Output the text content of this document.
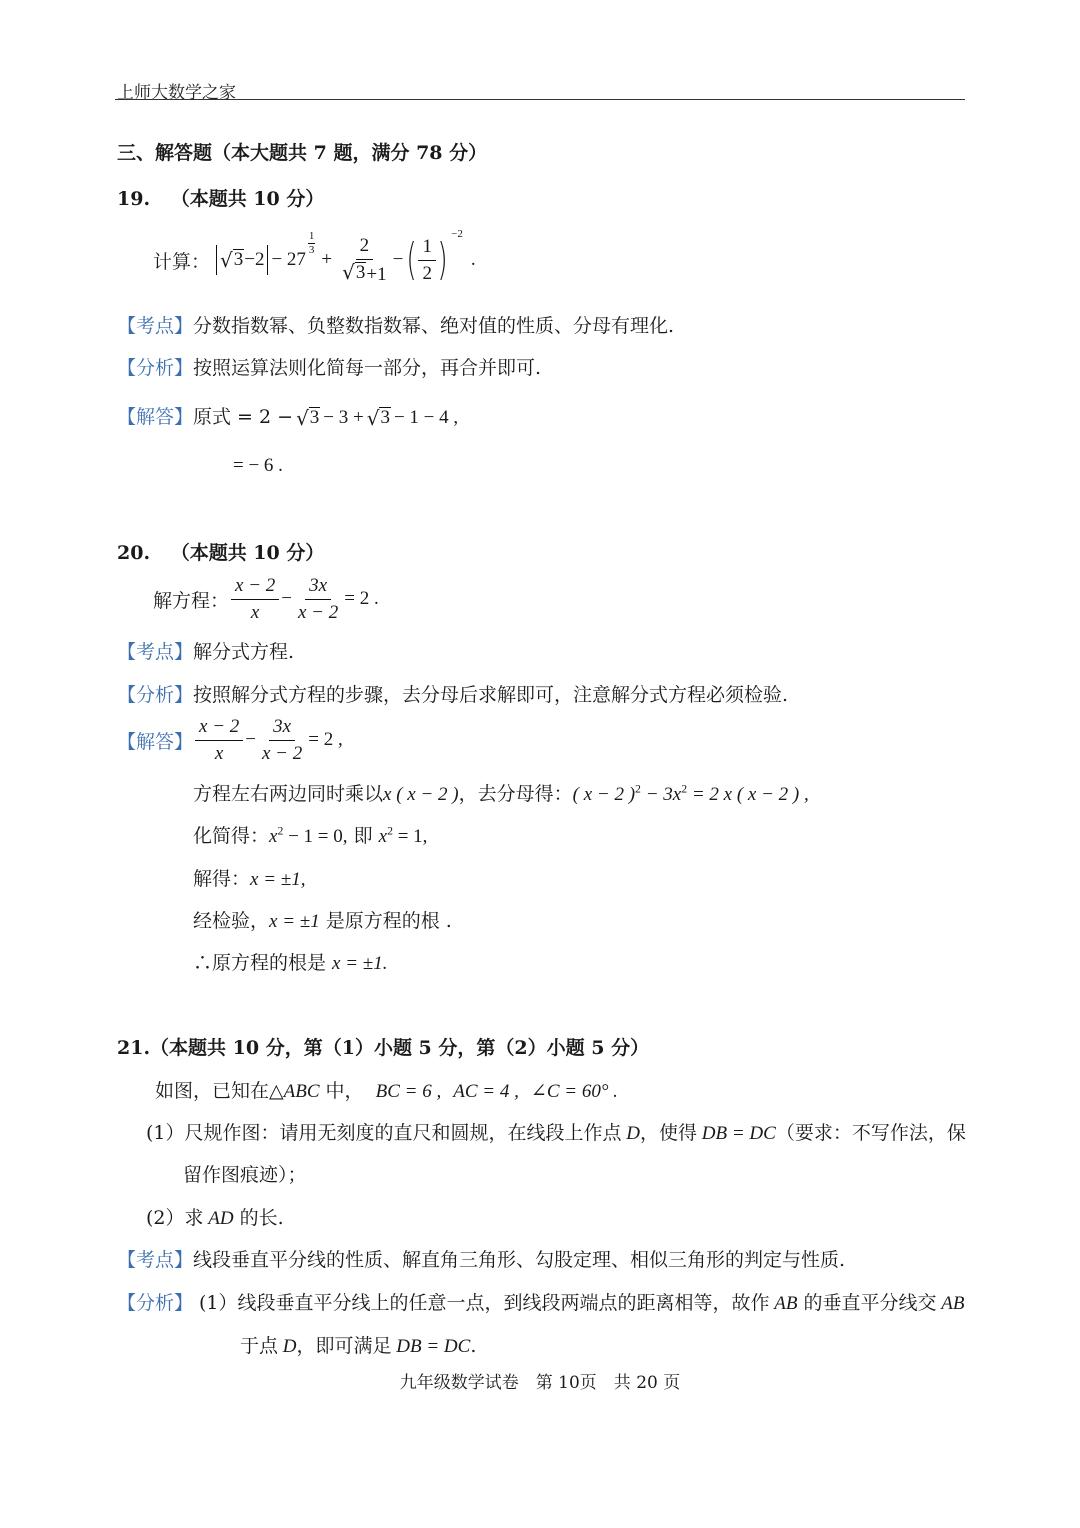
上师大数学之家
三、解答题（本大题共 7 题，满分 78 分）
19. （本题共 10 分）
计算： √ 3 −2 − 27
$\frac{1}{3}$
+ $\frac{2}{√ 3 +1}$ − ( $\frac{1}{2}$ ) −2
.
【考点】分数指数幂、负整数指数幂、绝对值的性质、分母有理化.
【分析】按照运算法则化简每一部分，再合并即可.
【解答】 原式 = 2 − √ 3 − 3 + √ 3 − 1 − 4 ,
= − 6 .
20. （本题共 10 分）
解方程： $\frac{x - 2}{x} - \frac{3x}{x - 2} = 2$ .
【考点】解分式方程.
【分析】按照解分式方程的步骤，去分母后求解即可，注意解分式方程必须检验.
【解答】 $\frac{x - 2}{x} - \frac{3x}{x - 2} = 2$ ,
方程左右两边同时乘以x ( x − 2 )，去分母得：( x − 2 )$^2 - 3x^2 = 2$ x ( x − 2 ) ,
化简得：$x^2 - 1 = 0$, 即 $x^2 = 1$,
解得：x = ±1,
经检验，x = ±1 是原方程的根 .
∴原方程的根是 x = ±1.
21.（本题共 10 分，第（1）小题 5 分，第（2）小题 5 分）
如图，已知在△ABC 中， BC = 6 , AC = 4 , ∠C = 60° .
(1）尺规作图：请用无刻度的直尺和圆规，在线段上作点 D，使得 DB = DC（要求：不写作法，保
留作图痕迹）；
(2）求 AD 的长.
【考点】线段垂直平分线的性质、解直角三角形、勾股定理、相似三角形的判定与性质.
【分析】 (1）线段垂直平分线上的任意一点，到线段两端点的距离相等，故作 AB 的垂直平分线交 AB
于点 D，即可满足 DB = DC.
九年级数学试卷　第 10页　共 20 页
